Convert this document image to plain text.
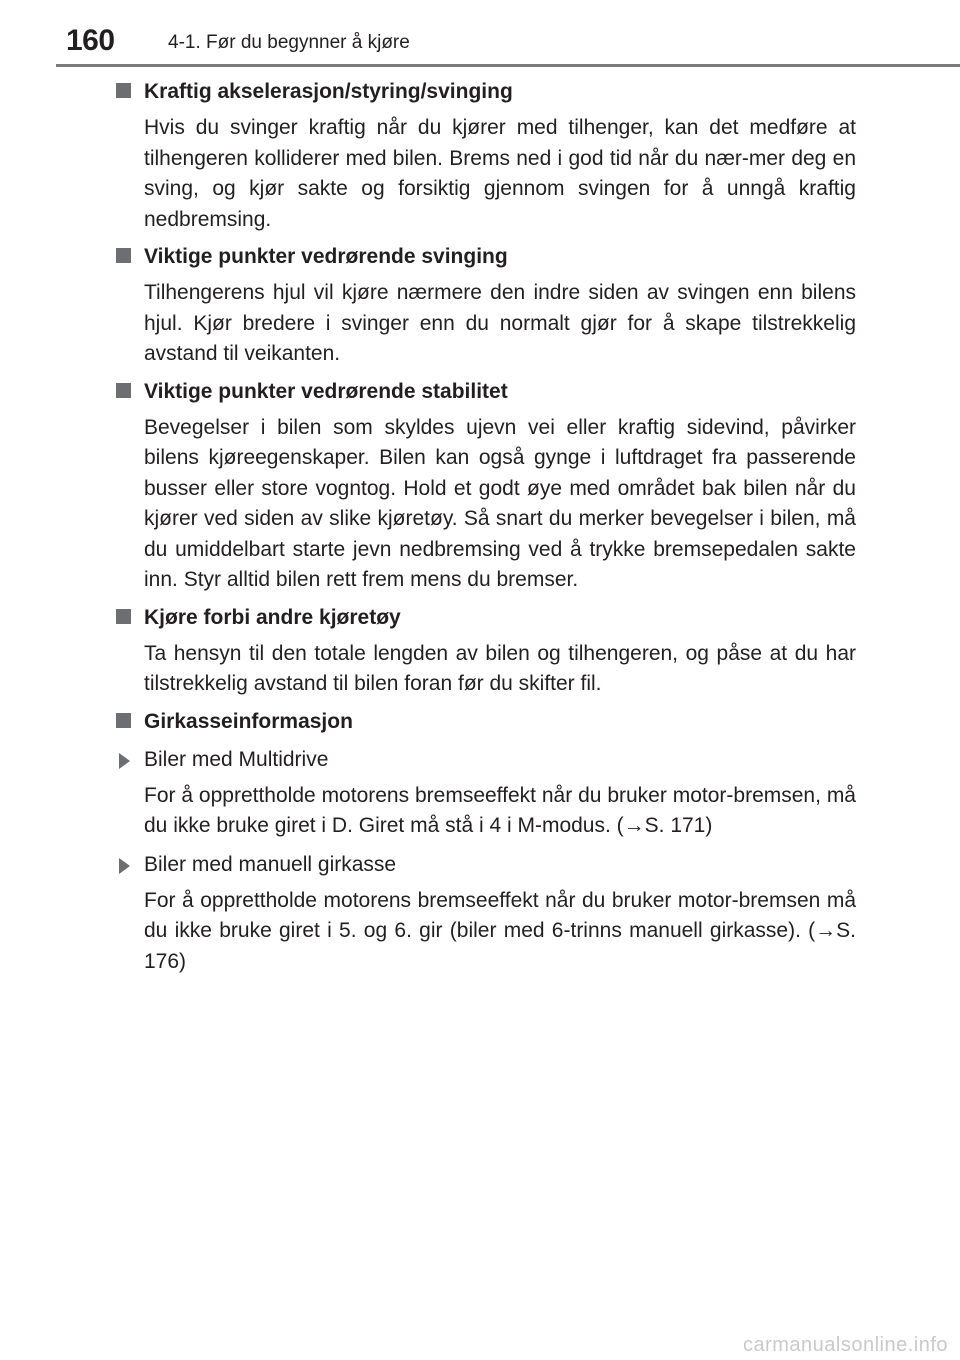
160	4-1. Før du begynner å kjøre
Kraftig akselerasjon/styring/svinging

Hvis du svinger kraftig når du kjører med tilhenger, kan det medføre at tilhengeren kolliderer med bilen. Brems ned i god tid når du nær-mer deg en sving, og kjør sakte og forsiktig gjennom svingen for å unngå kraftig nedbremsing.

Viktige punkter vedrørende svinging

Tilhengerens hjul vil kjøre nærmere den indre siden av svingen enn bilens hjul. Kjør bredere i svinger enn du normalt gjør for å skape tilstrekkelig avstand til veikanten.

Viktige punkter vedrørende stabilitet

Bevegelser i bilen som skyldes ujevn vei eller kraftig sidevind, påvirker bilens kjøreegenskaper. Bilen kan også gynge i luftdraget fra passerende busser eller store vogntog. Hold et godt øye med området bak bilen når du kjører ved siden av slike kjøretøy. Så snart du merker bevegelser i bilen, må du umiddelbart starte jevn nedbremsing ved å trykke bremsepedalen sakte inn. Styr alltid bilen rett frem mens du bremser.

Kjøre forbi andre kjøretøy

Ta hensyn til den totale lengden av bilen og tilhengeren, og påse at du har tilstrekkelig avstand til bilen foran før du skifter fil.

Girkasseinformasjon
Biler med Multidrive

For å opprettholde motorens bremseeffekt når du bruker motor-bremsen, må du ikke bruke giret i D. Giret må stå i 4 i M-modus. (→S. 171)

Biler med manuell girkasse

For å opprettholde motorens bremseeffekt når du bruker motor-bremsen må du ikke bruke giret i 5. og 6. gir (biler med 6-trinns manuell girkasse). (→S. 176)

carmanualsonline.info
